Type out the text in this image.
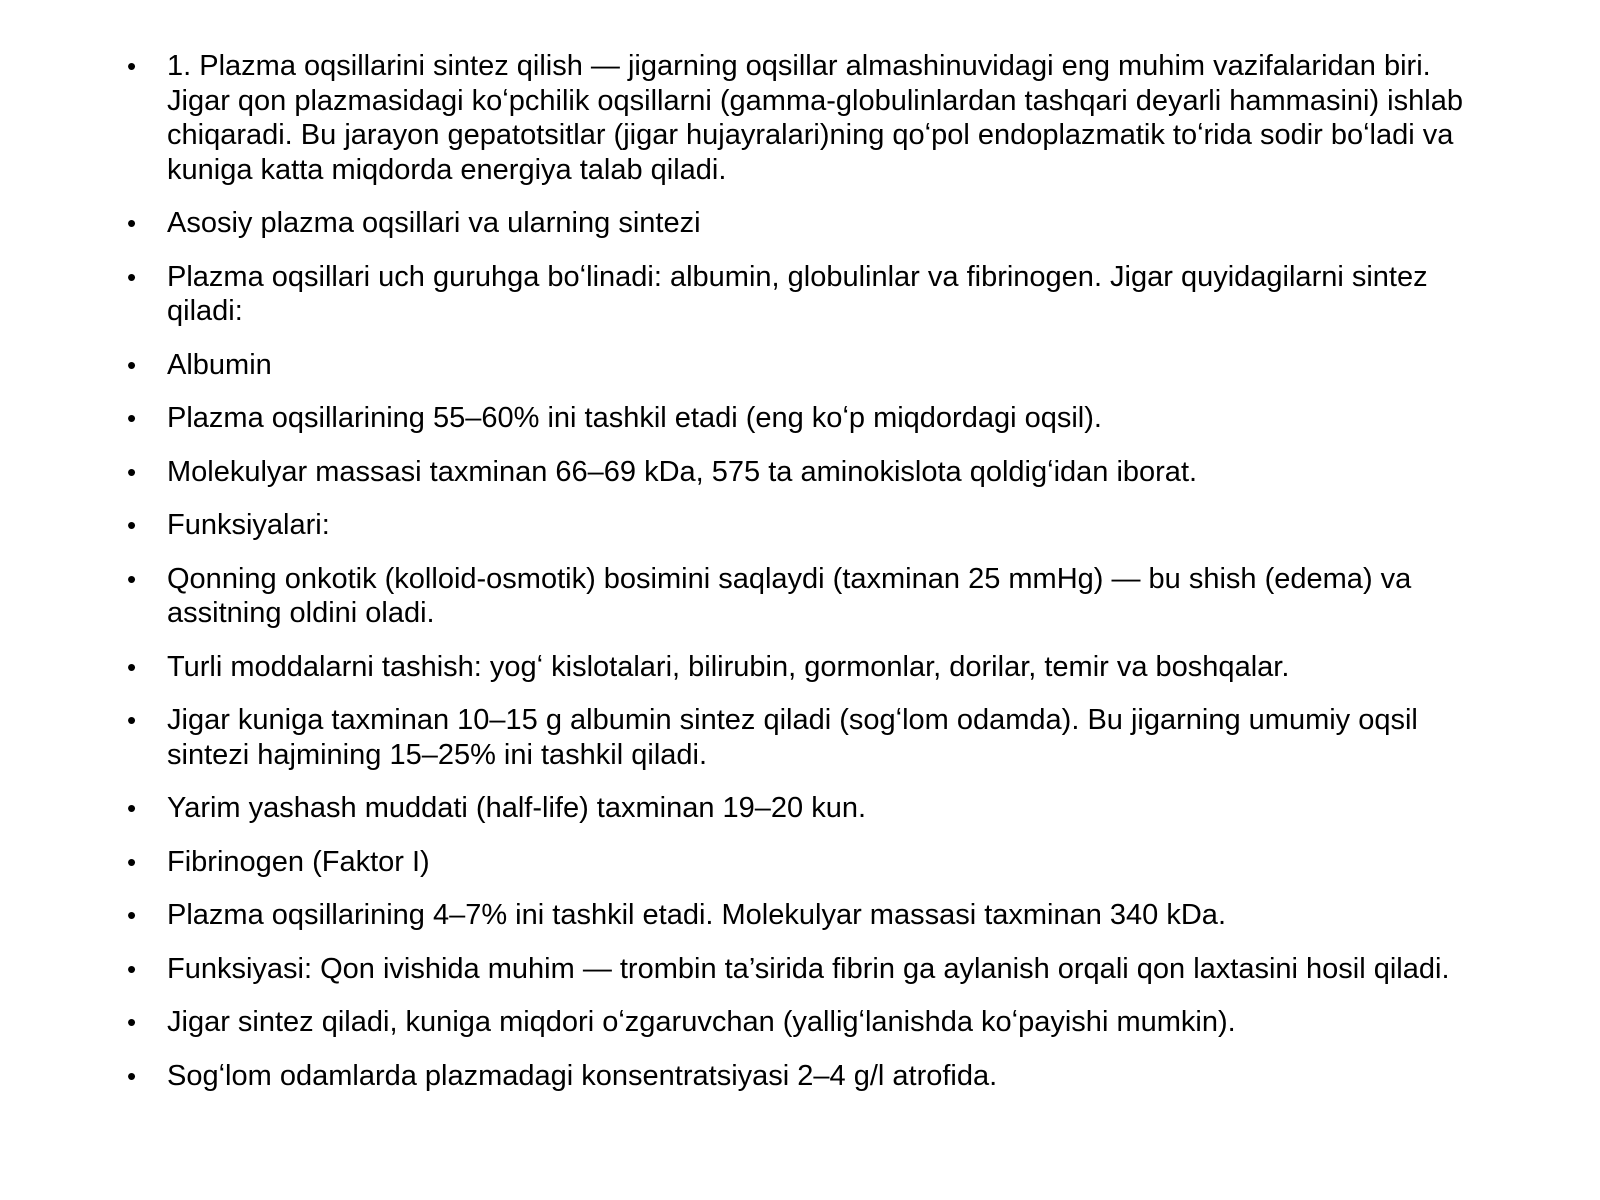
•	1. Plazma oqsillarini sintez qilish — jigarning oqsillar almashinuvidagi eng muhim vazifalaridan biri. Jigar qon plazmasidagi koʻpchilik oqsillarni (gamma-globulinlardan tashqari deyarli hammasini) ishlab chiqaradi. Bu jarayon gepatotsitlar (jigar hujayralari)ning qoʻpol endoplazmatik toʻrida sodir boʻladi va kuniga katta miqdorda energiya talab qiladi.
•	Asosiy plazma oqsillari va ularning sintezi
•	Plazma oqsillari uch guruhga boʻlinadi: albumin, globulinlar va fibrinogen. Jigar quyidagilarni sintez qiladi:
•	Albumin
•	Plazma oqsillarining 55–60% ini tashkil etadi (eng koʻp miqdordagi oqsil).
•	Molekulyar massasi taxminan 66–69 kDa, 575 ta aminokislota qoldigʻidan iborat.
•	Funksiyalari:
•	Qonning onkotik (kolloid-osmotik) bosimini saqlaydi (taxminan 25 mmHg) — bu shish (edema) va assitning oldini oladi.
•	Turli moddalarni tashish: yogʻ kislotalari, bilirubin, gormonlar, dorilar, temir va boshqalar.
•	Jigar kuniga taxminan 10–15 g albumin sintez qiladi (sogʻlom odamda). Bu jigarning umumiy oqsil sintezi hajmining 15–25% ini tashkil qiladi.
•	Yarim yashash muddati (half-life) taxminan 19–20 kun.
•	Fibrinogen (Faktor I)
•	Plazma oqsillarining 4–7% ini tashkil etadi. Molekulyar massasi taxminan 340 kDa.
•	Funksiyasi: Qon ivishida muhim — trombin ta’sirida fibrin ga aylanish orqali qon laxtasini hosil qiladi.
•	Jigar sintez qiladi, kuniga miqdori oʻzgaruvchan (yalligʻlanishda koʻpayishi mumkin).
•	Sogʻlom odamlarda plazmadagi konsentratsiyasi 2–4 g/l atrofida.
